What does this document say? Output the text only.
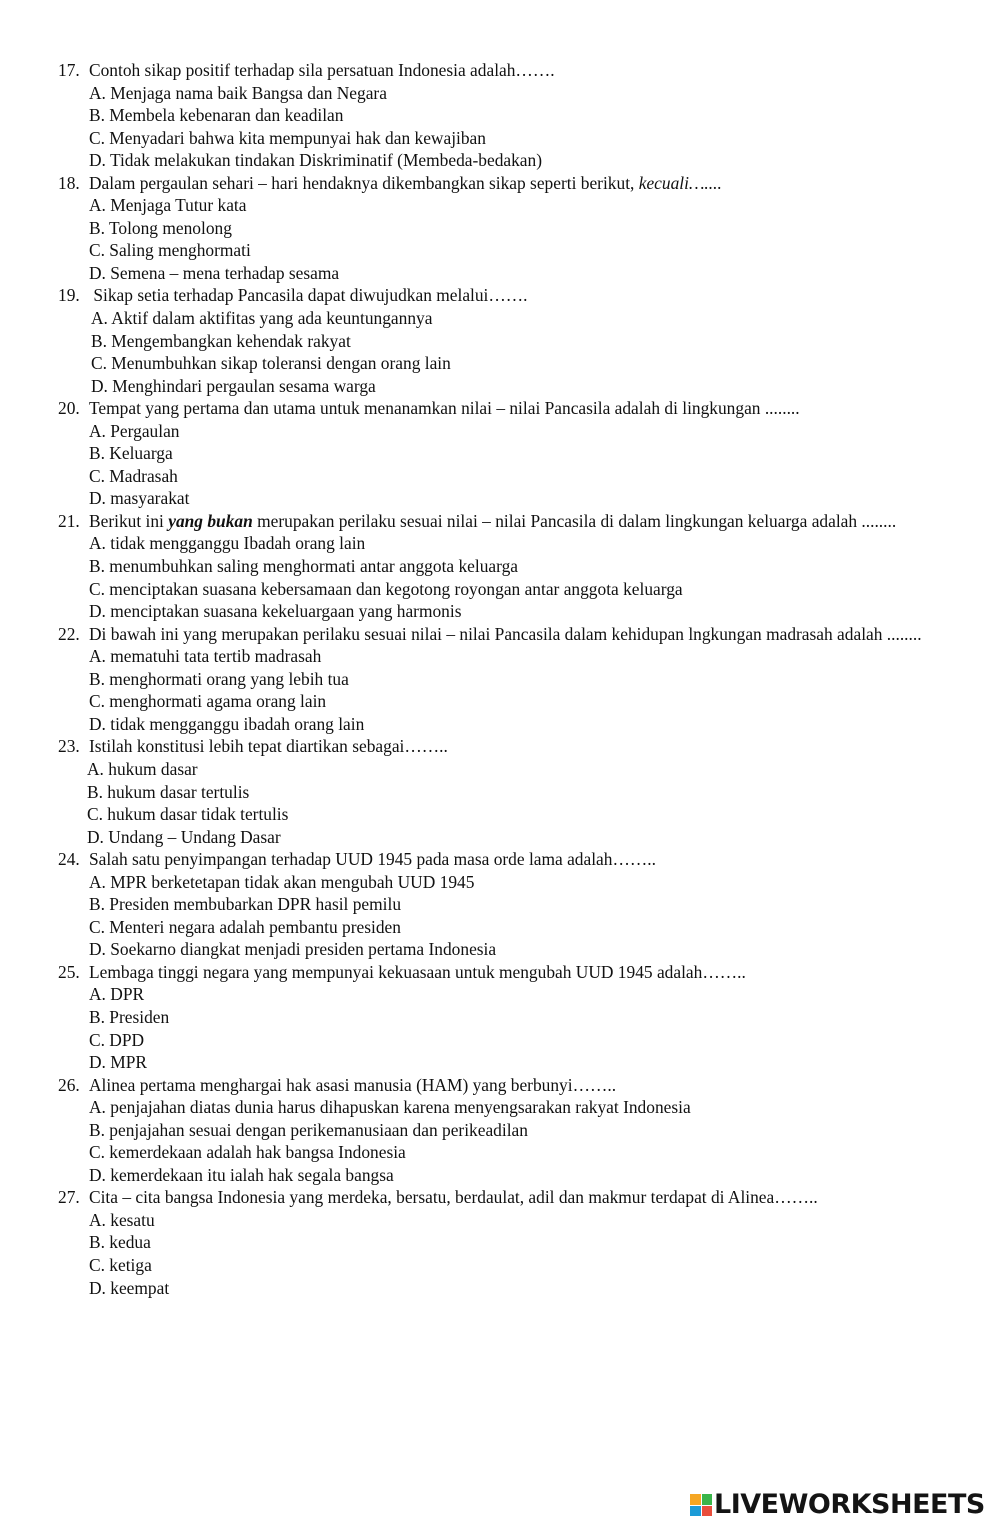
17. Contoh sikap positif terhadap sila persatuan Indonesia adalah…….
A. Menjaga nama baik Bangsa dan Negara
B. Membela kebenaran dan keadilan
C. Menyadari bahwa kita mempunyai hak dan kewajiban
D. Tidak melakukan tindakan Diskriminatif (Membeda-bedakan)
18. Dalam pergaulan sehari – hari hendaknya dikembangkan sikap seperti berikut, kecuali…....
A. Menjaga Tutur kata
B. Tolong menolong
C. Saling menghormati
D. Semena – mena terhadap sesama
19. Sikap setia terhadap Pancasila dapat diwujudkan melalui…….
A. Aktif dalam aktifitas yang ada keuntungannya
B. Mengembangkan kehendak rakyat
C. Menumbuhkan sikap toleransi dengan orang lain
D. Menghindari pergaulan sesama warga
20. Tempat yang pertama dan utama untuk menanamkan nilai – nilai Pancasila adalah di lingkungan ........
A. Pergaulan
B. Keluarga
C. Madrasah
D. masyarakat
21. Berikut ini yang bukan merupakan perilaku sesuai nilai – nilai Pancasila di dalam lingkungan keluarga adalah ........
A. tidak mengganggu Ibadah orang lain
B. menumbuhkan saling menghormati antar anggota keluarga
C. menciptakan suasana kebersamaan dan kegotong royongan antar anggota keluarga
D. menciptakan suasana kekeluargaan yang harmonis
22. Di bawah ini yang merupakan perilaku sesuai nilai – nilai Pancasila dalam kehidupan lngkungan madrasah adalah ........
A. mematuhi tata tertib madrasah
B. menghormati orang yang lebih tua
C. menghormati agama orang lain
D. tidak mengganggu ibadah orang lain
23. Istilah konstitusi lebih tepat diartikan sebagai……..
A. hukum dasar
B. hukum dasar tertulis
C. hukum dasar tidak tertulis
D. Undang – Undang Dasar
24. Salah satu penyimpangan terhadap UUD 1945 pada masa orde lama adalah……..
A. MPR berketetapan tidak akan mengubah UUD 1945
B. Presiden membubarkan DPR hasil pemilu
C. Menteri negara adalah pembantu presiden
D. Soekarno diangkat menjadi presiden pertama Indonesia
25. Lembaga tinggi negara yang mempunyai kekuasaan untuk mengubah UUD 1945 adalah……..
A. DPR
B. Presiden
C. DPD
D. MPR
26. Alinea pertama menghargai hak asasi manusia (HAM) yang berbunyi……..
A. penjajahan diatas dunia harus dihapuskan karena menyengsarakan rakyat Indonesia
B. penjajahan sesuai dengan perikemanusiaan dan perikeadilan
C. kemerdekaan adalah hak bangsa Indonesia
D. kemerdekaan itu ialah hak segala bangsa
27. Cita – cita bangsa Indonesia yang merdeka, bersatu, berdaulat, adil dan makmur terdapat di Alinea……..
A. kesatu
B. kedua
C. ketiga
D. keempat
LIVEWORKSHEETS
